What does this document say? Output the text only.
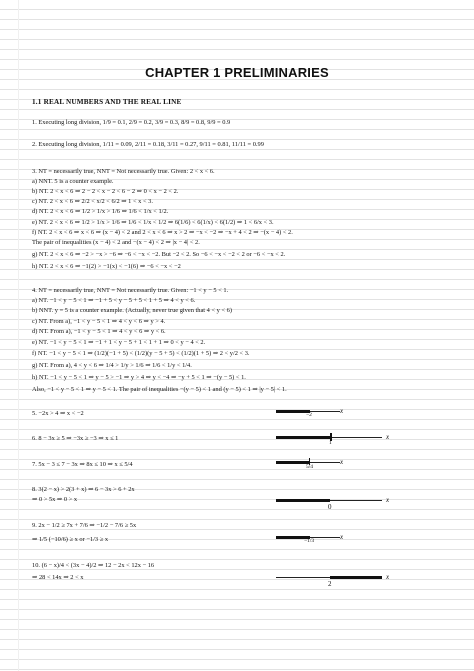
CHAPTER 1 PRELIMINARIES
1.1 REAL NUMBERS AND THE REAL LINE
1. Executing long division, 1/9 = 0.1, 2/9 = 0.2, 3/9 = 0.3, 8/9 = 0.8, 9/9 = 0.9
2. Executing long division, 1/11 = 0.09, 2/11 = 0.18, 3/11 = 0.27, 9/11 = 0.81, 11/11 = 0.99
3. NT = necessarily true, NNT = Not necessarily true. Given: 2 < x < 6.
a) NNT. 5 is a counter example.
b) NT. 2 < x < 6 ⇒ 2 − 2 < x − 2 < 6 − 2 ⇒ 0 < x − 2 < 2.
c) NT. 2 < x < 6 ⇒ 2/2 < x/2 < 6/2 ⇒ 1 < x < 3.
d) NT. 2 < x < 6 ⇒ 1/2 > 1/x > 1/6 ⇒ 1/6 < 1/x < 1/2.
e) NT. 2 < x < 6 ⇒ 1/2 > 1/x > 1/6 ⇒ 1/6 < 1/x < 1/2 ⇒ 6(1/6) < 6(1/x) < 6(1/2) ⇒ 1 < 6/x < 3.
f) NT. 2 < x < 6 ⇒ x < 6 ⇒ (x − 4) < 2 and 2 < x < 6 ⇒ x > 2 ⇒ −x < −2 ⇒ −x + 4 < 2 ⇒ −(x − 4) < 2.
The pair of inequalities (x − 4) < 2 and −(x − 4) < 2 ⇒ |x − 4| < 2.
g) NT. 2 < x < 6 ⇒ −2 > −x > −6 ⇒ −6 < −x < −2. But −2 < 2. So −6 < −x < −2 < 2 or −6 < −x < 2.
h) NT. 2 < x < 6 ⇒ −1(2) > −1(x) < −1(6) ⇒ −6 < −x < −2
4. NT = necessarily true, NNT = Not necessarily true. Given: −1 < y − 5 < 1.
a) NT. −1 < y − 5 < 1 ⇒ −1 + 5 < y − 5 + 5 < 1 + 5 ⇒ 4 < y < 6.
b) NNT. y = 5 is a counter example. (Actually, never true given that 4 < y < 6)
c) NT. From a), −1 < y − 5 < 1 ⇒ 4 < y < 6 ⇒ y > 4.
d) NT. From a), −1 < y − 5 < 1 ⇒ 4 < y < 6 ⇒ y < 6.
e) NT. −1 < y − 5 < 1 ⇒ −1 + 1 < y − 5 + 1 < 1 + 1 ⇒ 0 < y − 4 < 2.
f) NT. −1 < y − 5 < 1 ⇒ (1/2)(−1 + 5) < (1/2)(y − 5 + 5) < (1/2)(1 + 5) ⇒ 2 < y/2 < 3.
g) NT. From a), 4 < y < 6 ⇒ 1/4 > 1/y > 1/6 ⇒ 1/6 < 1/y < 1/4.
h) NT. −1 < y − 5 < 1 ⇒ y − 5 > −1 ⇒ y > 4 ⇒ y < −4 ⇒ −y + 5 < 1 ⇒ −(y − 5) < 1.
Also, −1 < y − 5 < 1 ⇒ y − 5 < 1. The pair of inequalities −(y − 5) < 1 and (y − 5) < 1 ⇒ |y − 5| < 1.
5. −2x > 4 ⇒ x < −2
6. 8 − 3x ≥ 5 ⇒ −3x ≥ −3 ⇒ x ≤ 1
7. 5x − 3 ≤ 7 − 3x ⇒ 8x ≤ 10 ⇒ x ≤ 5/4
8. 3(2 − x) > 2(3 + x) ⇒ 6 − 3x > 6 + 2x
⇒ 0 > 5x ⇒ 0 > x
9. 2x − 1/2 ≥ 7x + 7/6 ⇒ −1/2 − 7/6 ≥ 5x
⇒ 1/5 (−10/6) ≥ x or −1/3 ≥ x
10. (6 − x)/4 < (3x − 4)/2 ⇒ 12 − 2x < 12x − 16
⇒ 28 < 14x ⇒ 2 < x
−2	x
1
x
5/4
x
0
x
−1/3	x
2
x
